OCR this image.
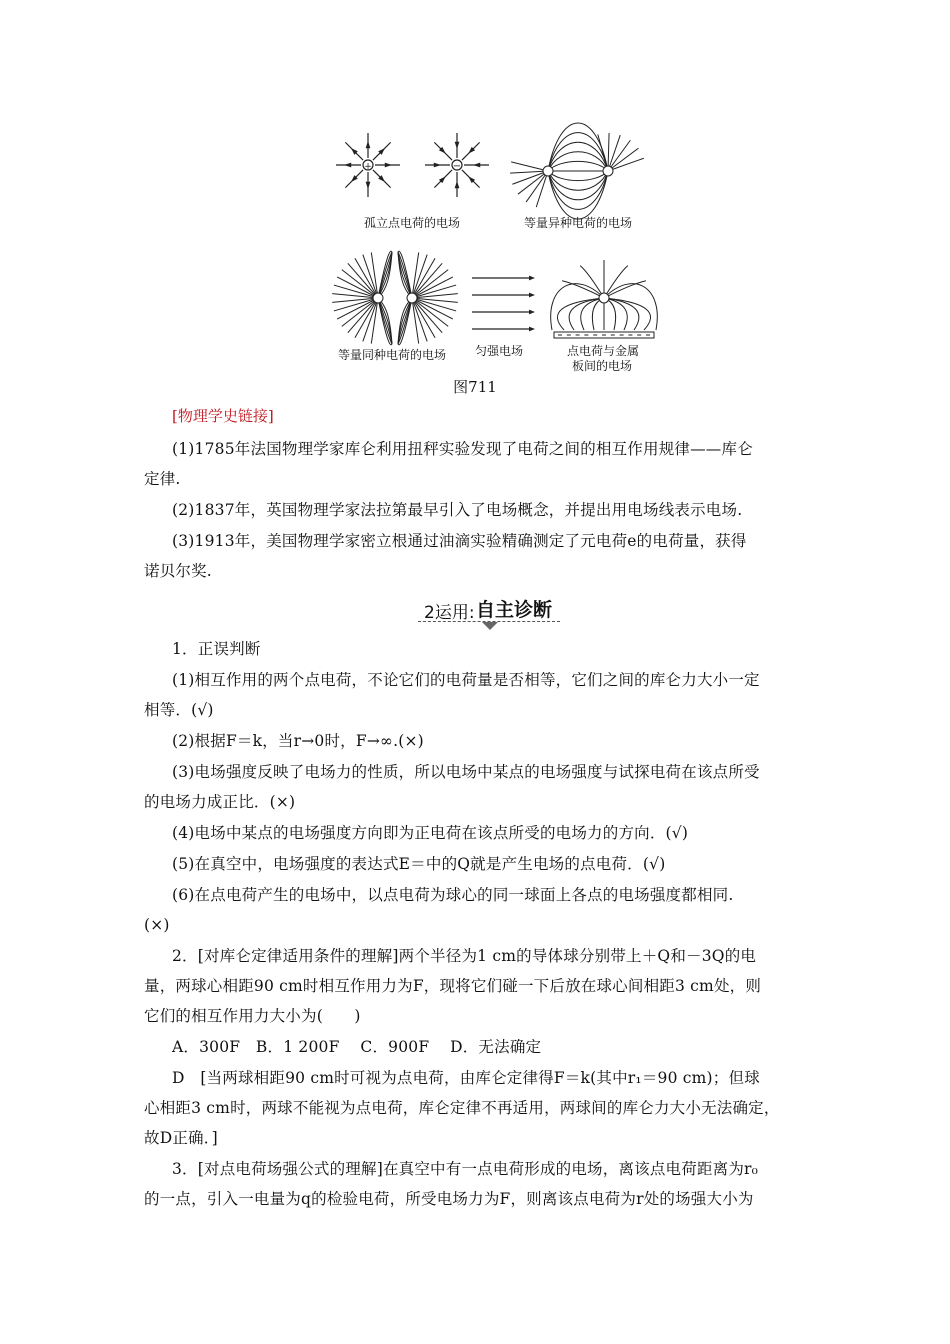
+	−
孤立点电荷的电场	等量异种电荷的电场
等量同种电荷的电场 匀强电场	点电荷与金属
板间的电场
图711
[物理学史链接]
(1)1785年法国物理学家库仑利用扭秤实验发现了电荷之间的相互作用规律——库仑
定律.
(2)1837年，英国物理学家法拉第最早引入了电场概念，并提出用电场线表示电场.
(3)1913年，美国物理学家密立根通过油滴实验精确测定了元电荷e的电荷量，获得
诺贝尔奖.
2运用: 自主诊断
1．正误判断
(1)相互作用的两个点电荷，不论它们的电荷量是否相等，它们之间的库仑力大小一定
相等．(√)
(2)根据F＝k，当r→0时，F→∞.(×)
(3)电场强度反映了电场力的性质，所以电场中某点的电场强度与试探电荷在该点所受
的电场力成正比．(×)
(4)电场中某点的电场强度方向即为正电荷在该点所受的电场力的方向．(√)
(5)在真空中，电场强度的表达式E＝中的Q就是产生电场的点电荷．(√)
(6)在点电荷产生的电场中，以点电荷为球心的同一球面上各点的电场强度都相同.
(×)
2．[对库仑定律适用条件的理解]两个半径为1 cm的导体球分别带上＋Q和－3Q的电
量，两球心相距90 cm时相互作用力为F，现将它们碰一下后放在球心间相距3 cm处，则
它们的相互作用力大小为(　　)
A．300F　B．1 200F　 C．900F　 D．无法确定
D　[当两球相距90 cm时可视为点电荷，由库仑定律得F＝k(其中r₁＝90 cm)；但球
心相距3 cm时，两球不能视为点电荷，库仑定律不再适用，两球间的库仑力大小无法确定，
故D正确．]
3．[对点电荷场强公式的理解]在真空中有一点电荷形成的电场，离该点电荷距离为r₀
的一点，引入一电量为q的检验电荷，所受电场力为F，则离该点电荷为r处的场强大小为
